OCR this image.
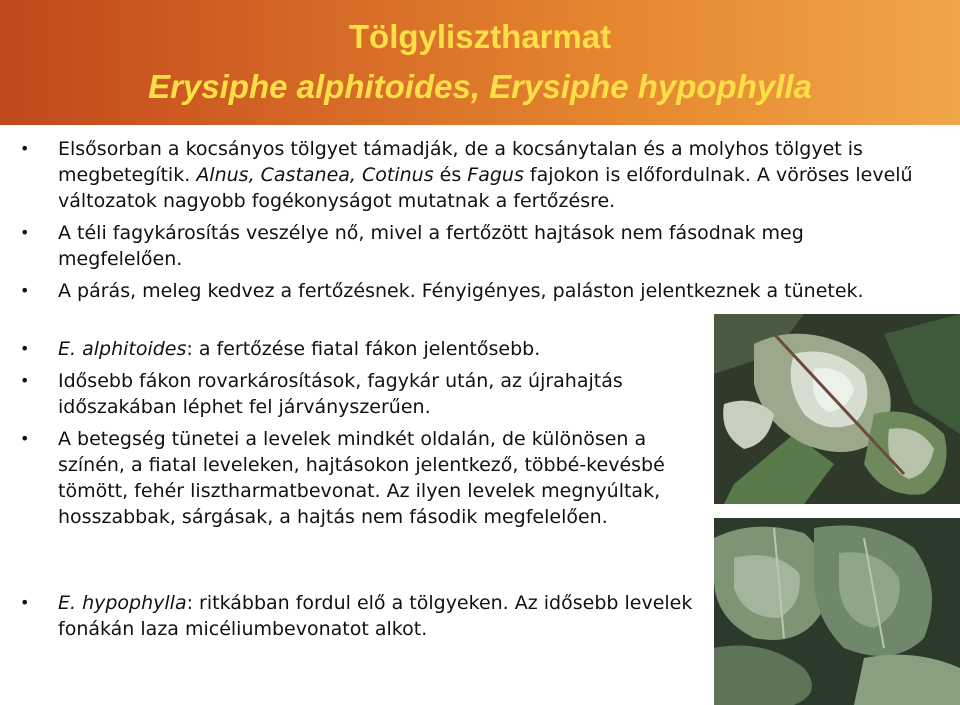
Tölgylisztharmat
Erysiphe alphitoides, Erysiphe hypophylla
• Elsősorban a kocsányos tölgyet támadják, de a kocsánytalan és a molyhos tölgyet is megbetegítik. Alnus, Castanea, Cotinus és Fagus fajokon is előfordulnak. A vöröses levelű változatok nagyobb fogékonyságot mutatnak a fertőzésre.
• A téli fagykárosítás veszélye nő, mivel a fertőzött hajtások nem fásodnak meg megfelelően.
• A párás, meleg kedvez a fertőzésnek. Fényigényes, paláston jelentkeznek a tünetek.
• E. alphitoides: a fertőzése fiatal fákon jelentősebb.
• Idősebb fákon rovarkárosítások, fagykár után, az újrahajtás időszakában léphet fel járványszerűen.
• A betegség tünetei a levelek mindkét oldalán, de különösen a színén, a fiatal leveleken, hajtásokon jelentkező, többé-kevésbé tömött, fehér lisztharmatbevonat. Az ilyen levelek megnyúltak, hosszabbak, sárgásak, a hajtás nem fásodik megfelelően.
• E. hypophylla: ritkábban fordul elő a tölgyeken. Az idősebb levelek fonákán laza micéliumbevonatot alkot.
